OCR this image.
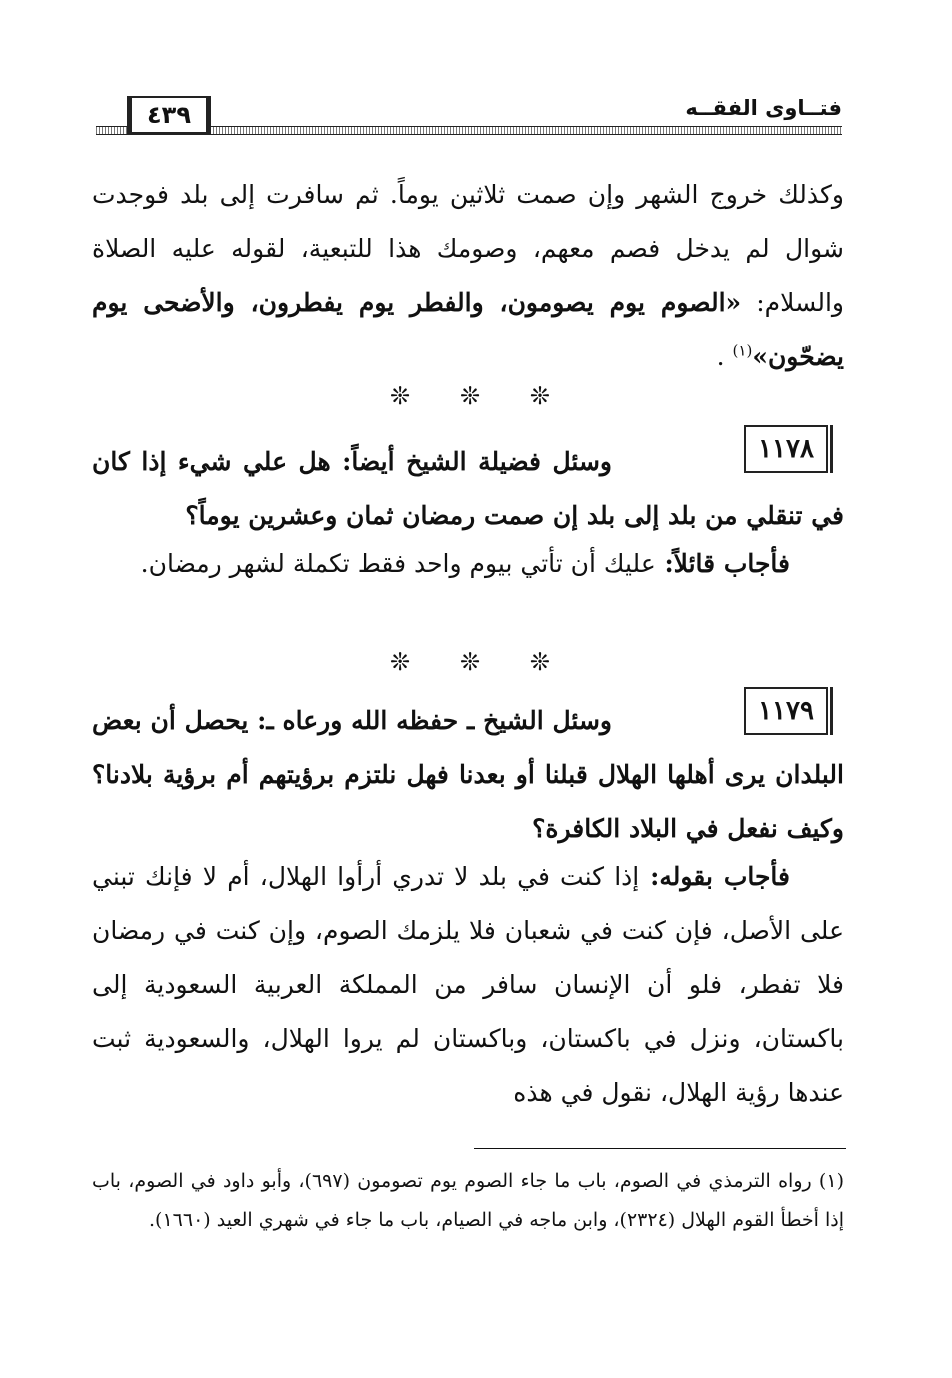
٤٣٩	فتــاوى الفقــه
وكذلك خروج الشهر وإن صمت ثلاثين يوماً. ثم سافرت إلى بلد فوجدت شوال لم يدخل فصم معهم، وصومك هذا للتبعية، لقوله عليه الصلاة والسلام: «الصوم يوم يصومون، والفطر يوم يفطرون، والأضحى يوم يضحّون»$^{(١)}$ .
❊ ❊ ❊
١١٧٨
وسئل فضيلة الشيخ أيضاً: هل علي شيء إذا كان في تنقلي من بلد إلى بلد إن صمت رمضان ثمان وعشرين يوماً؟
فأجاب قائلاً: عليك أن تأتي بيوم واحد فقط تكملة لشهر رمضان.
❊ ❊ ❊
١١٧٩
وسئل الشيخ ـ حفظه الله ورعاه ـ: يحصل أن بعض البلدان يرى أهلها الهلال قبلنا أو بعدنا فهل نلتزم برؤيتهم أم برؤية بلادنا؟ وكيف نفعل في البلاد الكافرة؟
فأجاب بقوله: إذا كنت في بلد لا تدري أرأوا الهلال، أم لا فإنك تبني على الأصل، فإن كنت في شعبان فلا يلزمك الصوم، وإن كنت في رمضان فلا تفطر، فلو أن الإنسان سافر من المملكة العربية السعودية إلى باكستان، ونزل في باكستان، وباكستان لم يروا الهلال، والسعودية ثبت عندها رؤية الهلال، نقول في هذه
(١) رواه الترمذي في الصوم، باب ما جاء الصوم يوم تصومون (٦٩٧)، وأبو داود في الصوم، باب إذا أخطأ القوم الهلال (٢٣٢٤)، وابن ماجه في الصيام، باب ما جاء في شهري العيد (١٦٦٠).
